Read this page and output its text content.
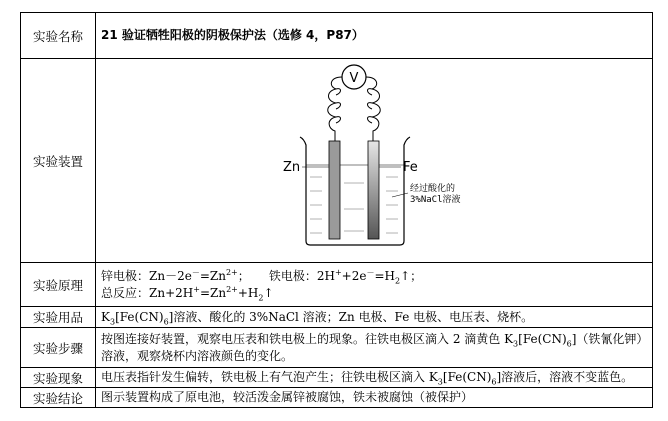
实验名称	21 验证牺牲阳极的阴极保护法（选修 4，P87）
实验装置	V
Zn Fe
经过酸化的
3%NaCl溶液

实验原理	锌电极：$Zn-2e^-=Zn^{2+}$； 铁电极：$2H^++2e^-=H_2↑$；
总反应：$Zn+2H^+=Zn^{2+}+H_2↑$

实验用品	$K_3[Fe(CN)_6]$溶液、酸化的 3%NaCl 溶液；Zn 电极、Fe 电极、电压表、烧杯。
实验步骤	按图连接好装置，观察电压表和铁电极上的现象。往铁电极区滴入 2 滴黄色 $K_3[Fe(CN)_6]$（铁氰化钾）溶液，观察烧杯内溶液颜色的变化。
实验现象	电压表指针发生偏转，铁电极上有气泡产生；往铁电极区滴入 $K_3[Fe(CN)_6]$溶液后，溶液不变蓝色。
实验结论	图示装置构成了原电池，较活泼金属锌被腐蚀，铁未被腐蚀（被保护）
